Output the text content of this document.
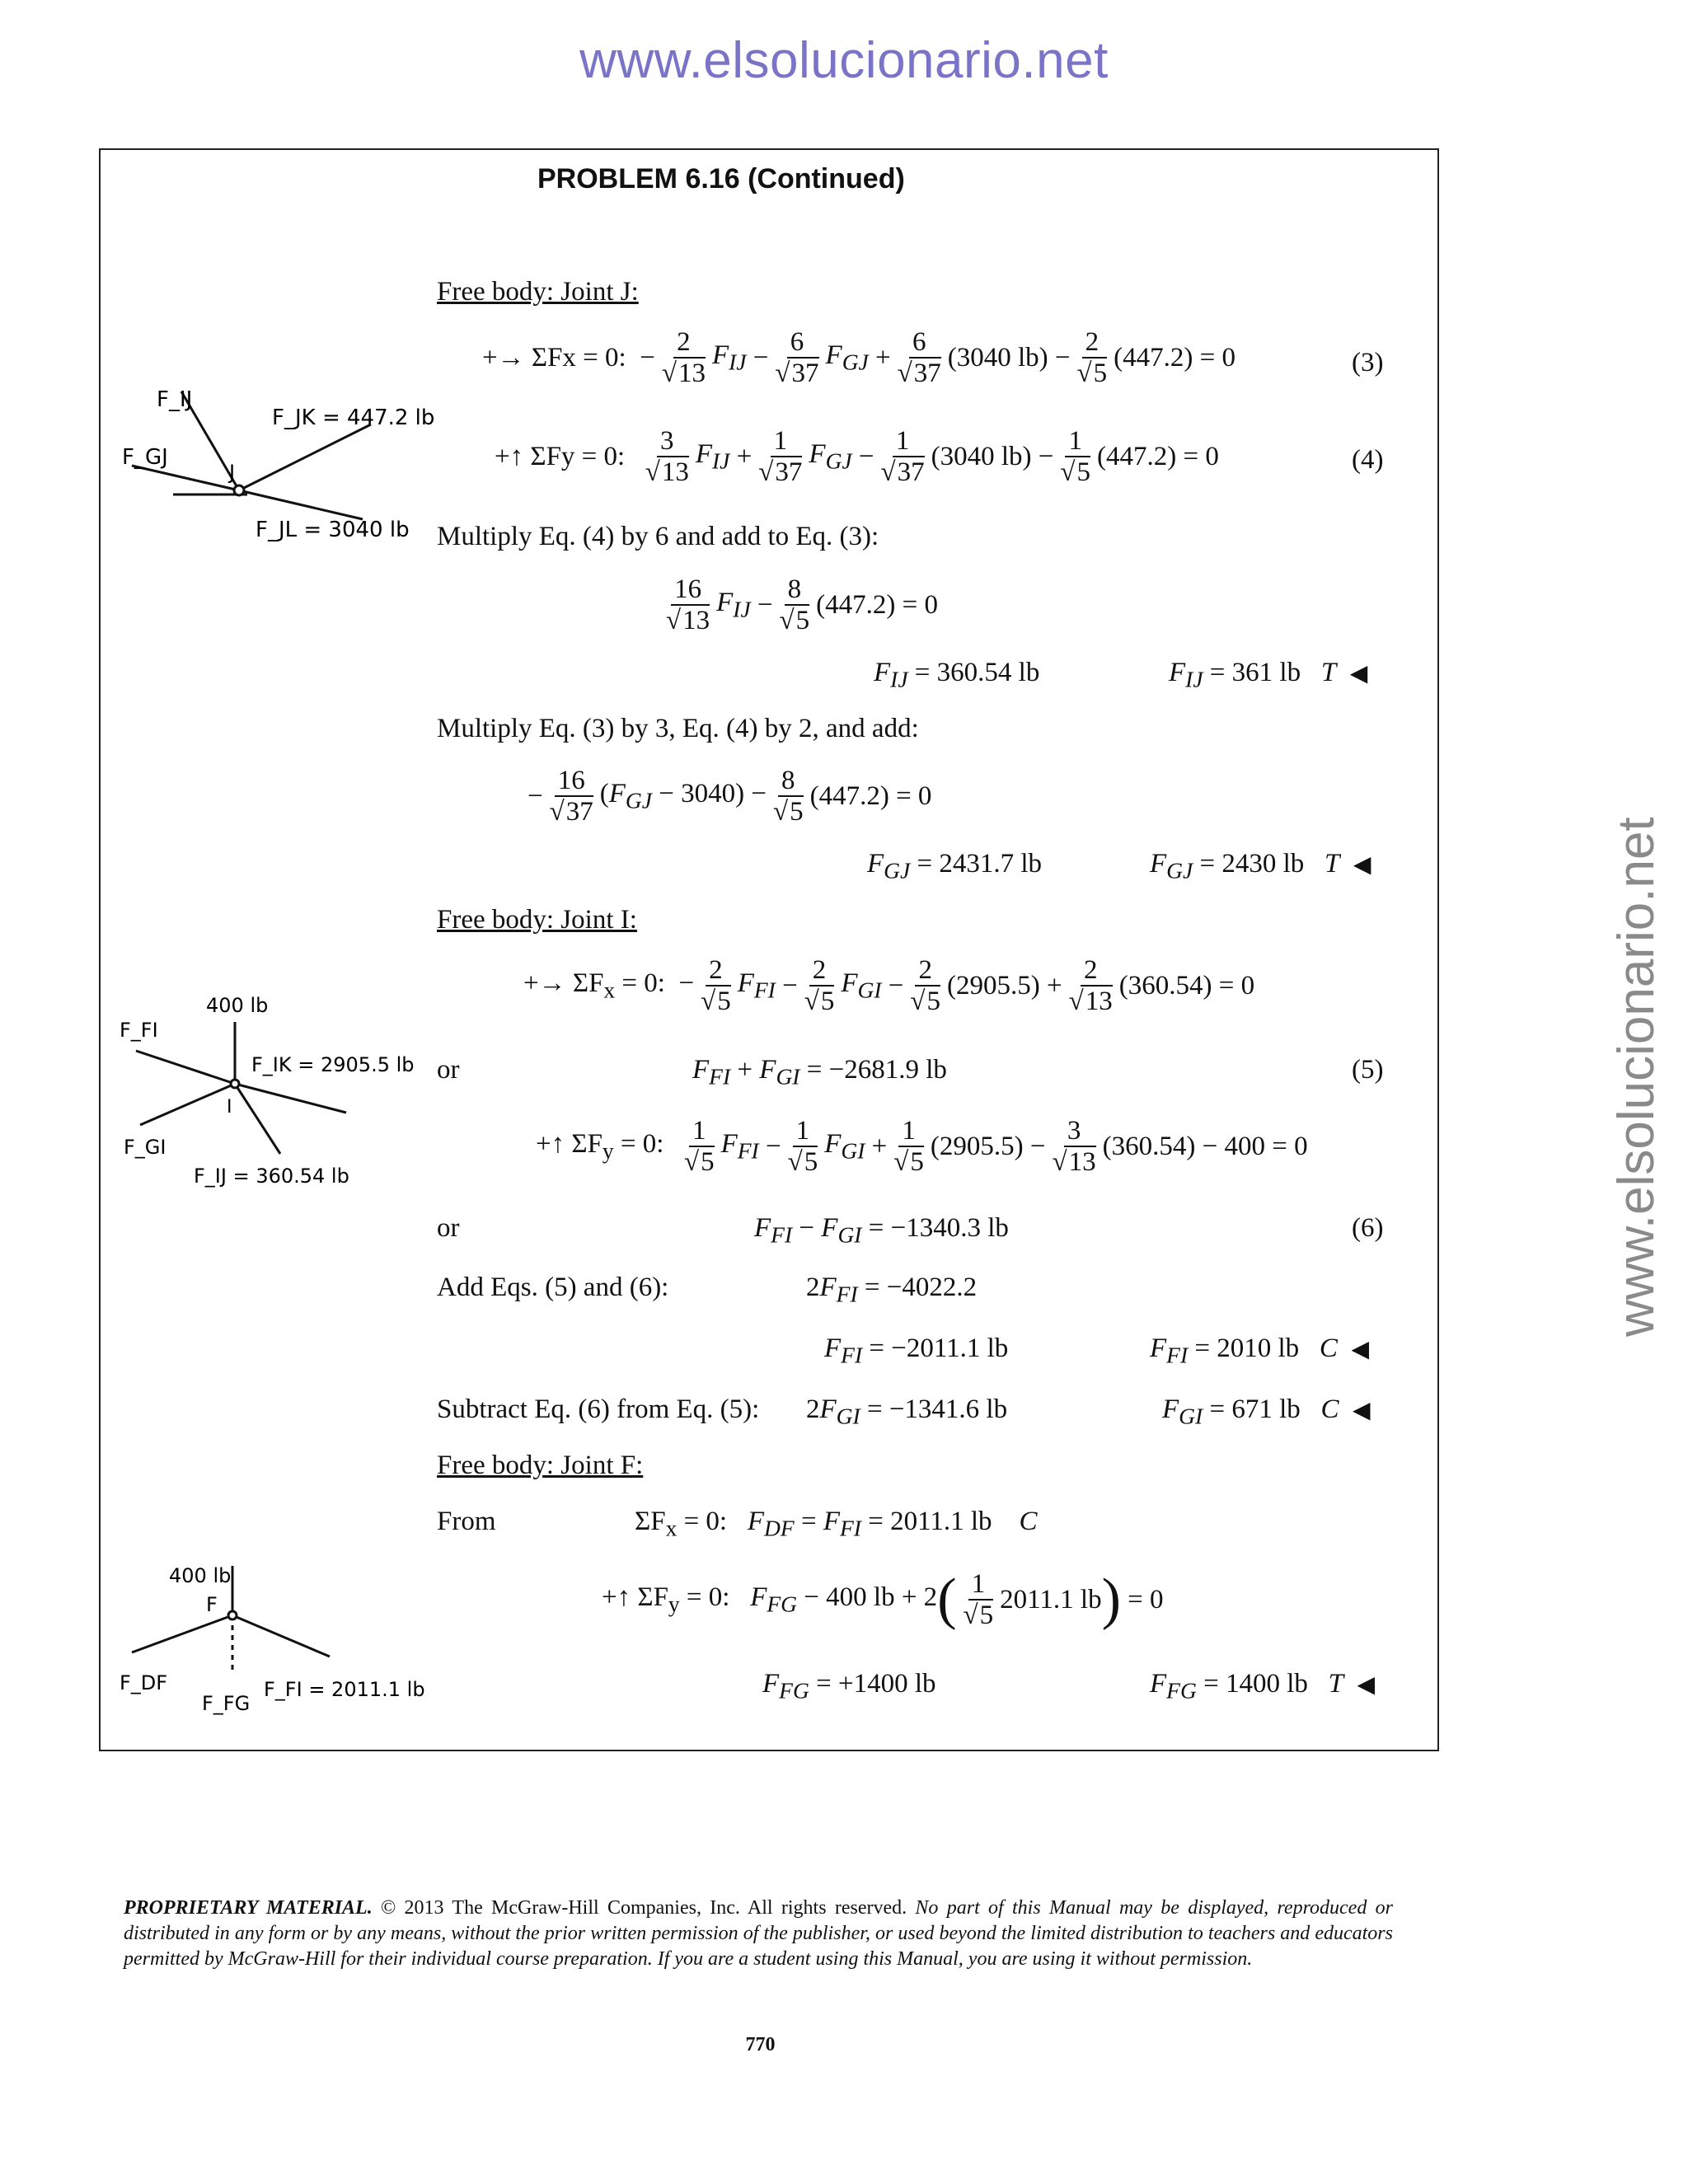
www.elsolucionario.net
www.elsolucionario.net
PROBLEM 6.16 (Continued)
F_IJ
F_JK = 447.2 lb
F_GJ
F_JL = 3040 lb
J
400 lb
F_FI
F_IK = 2905.5 lb
F_GI
F_IJ = 360.54 lb
I
400 lb
F_DF
F_FG
F_FI = 2011.1 lb
F
Free body: Joint J:
+→ ΣFx = 0: − $\frac{2}{√13} F_{IJ} - \frac{6}{√37} F_{GJ} + \frac{6}{√37} (3040$ $lb) - \frac{2}{√5} (447.2) = 0$	(3)
+↑ ΣFy = 0:
$\frac{3}{√13} F_{IJ} + \frac{1}{√37} F_{GJ} - \frac{1}{√37} (3040$ $lb) - \frac{1}{√5} (447.2) = 0$	(4)
Multiply Eq. (4) by 6 and add to Eq. (3):
$\frac{16}{√13} F_{IJ} - \frac{8}{√5} (447.2) = 0$
$F_{IJ} = 360.54$ lb	$F_{IJ} = 361$ lb T ◀
Multiply Eq. (3) by 3, Eq. (4) by 2, and add:
− $\frac{16}{√37} (F_{GJ} - 3040) - \frac{8}{√5} (447.2) = 0$
$F_{GJ} = 2431.7$ lb	$F_{GJ} = 2430$ lb T ◀
Free body: Joint I:
+→ $\Sigma F_x = 0$:  − $\frac{2}{√5} F_{FI} - \frac{2}{√5} F_{GI} - \frac{2}{√5} (2905.5) + \frac{2}{√13} (360.54) = 0$
or	$F_{FI} + F_{GI} = -2681.9$ lb	(5)
+↑ $\Sigma F_y = 0$: $\frac{1}{√5} F_{FI} - \frac{1}{√5} F_{GI} + \frac{1}{√5} (2905.5) - \frac{3}{√13} (360.54) - 400 = 0$
or	$F_{FI} - F_{GI} = -1340.3$ lb	(6)
Add Eqs. (5) and (6):	$2F_{FI} = -4022.2$
$F_{FI} = -2011.1$ lb	$F_{FI} = 2010$ lb C ◀
Subtract Eq. (6) from Eq. (5): $2F_{GI} = -1341.6$ lb	$F_{GI} = 671$ lb C ◀
Free body: Joint F:
From	$\Sigma F_x = 0$:   $F_{DF} = F_{FI} = 2011.1$ lb C
+↑ $\Sigma F_y = 0$:   $F_{FG} - 400$ lb + 2 ( $\frac{1}{√5} 2011.1$ lb ) = 0
$F_{FG} = +1400$ lb	$F_{FG} = 1400$ lb T ◀
PROPRIETARY MATERIAL. © 2013 The McGraw-Hill Companies, Inc. All rights reserved. No part of this Manual may be displayed, reproduced or distributed in any form or by any means, without the prior written permission of the publisher, or used beyond the limited distribution to teachers and educators permitted by McGraw-Hill for their individual course preparation. If you are a student using this Manual, you are using it without permission.
770
